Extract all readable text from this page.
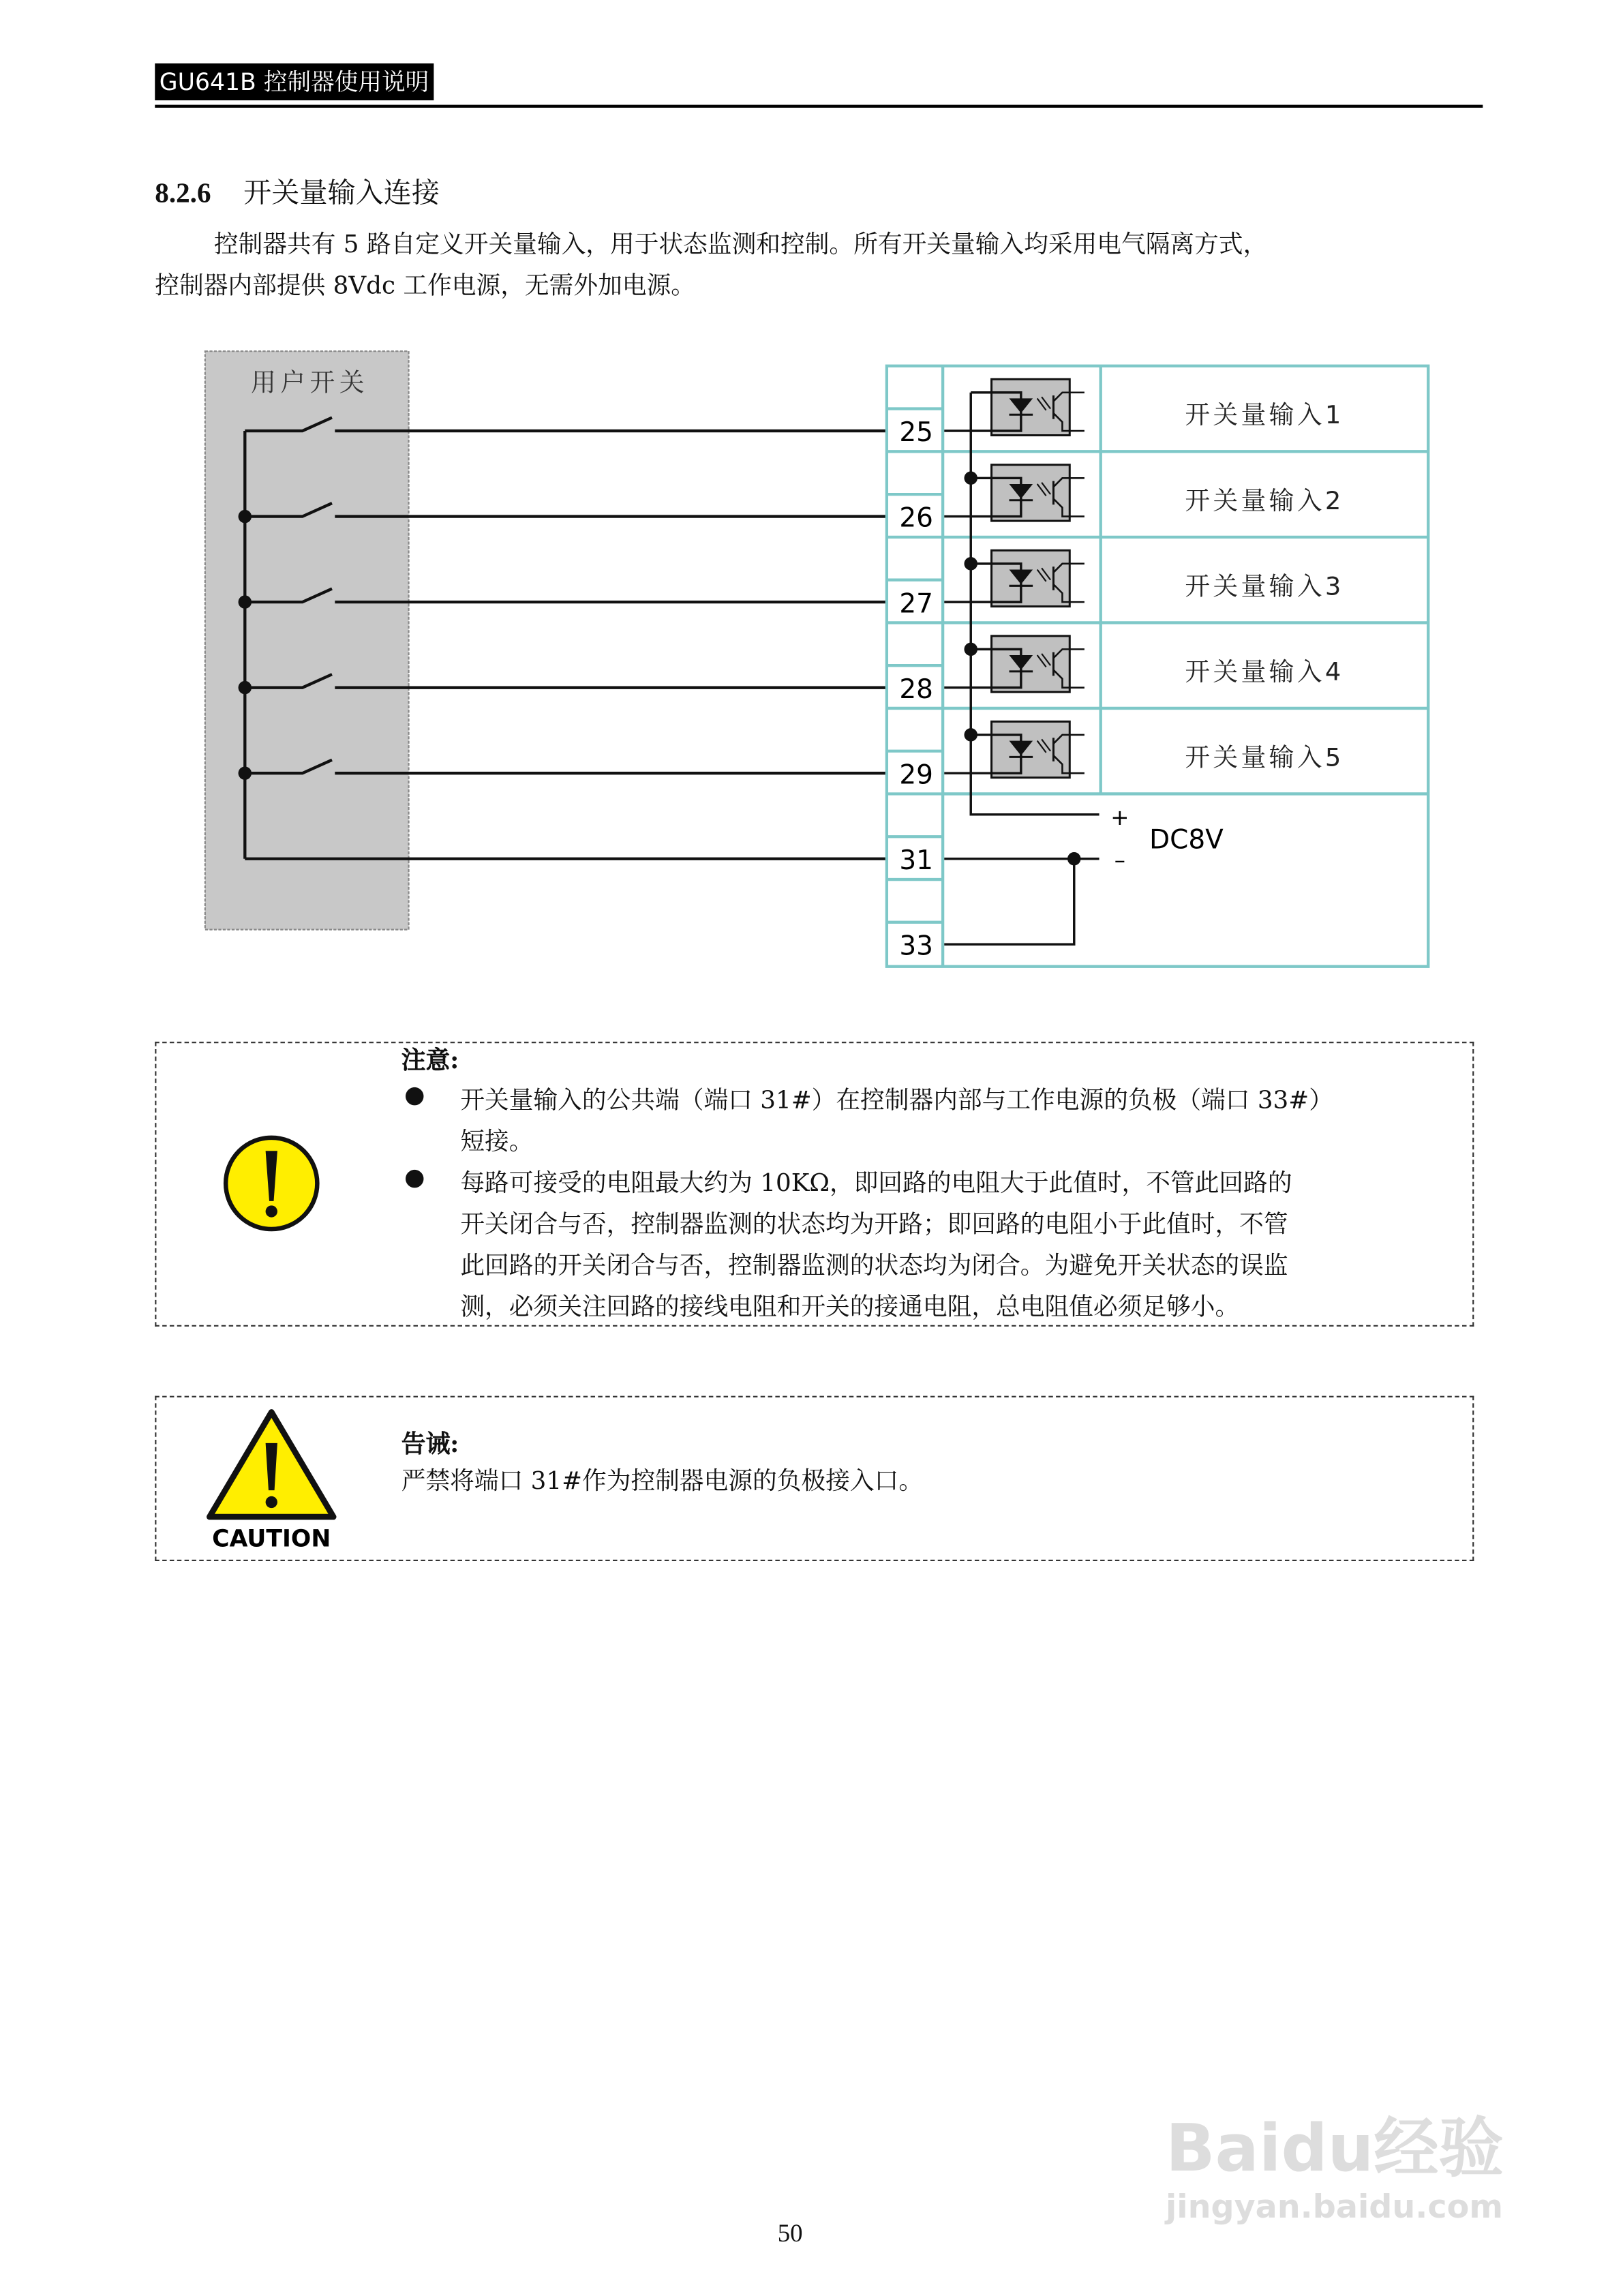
GU641B 控制器使用说明
8.2.6	开关量输入连接
控制器共有 5 路自定义开关量输入，用于状态监测和控制。所有开关量输入均采用电气隔离方式，
控制器内部提供 8Vdc 工作电源，无需外加电源。
用户开关
25
26
27
28
29
31
33
开关量输入1
开关量输入2
开关量输入3
开关量输入4
开关量输入5
+
–
DC8V
注意:
●	开关量输入的公共端（端口 31#）在控制器内部与工作电源的负极（端口 33#）
短接。
●	每路可接受的电阻最大约为 10KΩ，即回路的电阻大于此值时，不管此回路的
开关闭合与否，控制器监测的状态均为开路；即回路的电阻小于此值时，不管
此回路的开关闭合与否，控制器监测的状态均为闭合。为避免开关状态的误监
测，必须关注回路的接线电阻和开关的接通电阻，总电阻值必须足够小。
CAUTION
告诫:
严禁将端口 31#作为控制器电源的负极接入口。
50
Baidu经验
jingyan.baidu.com
